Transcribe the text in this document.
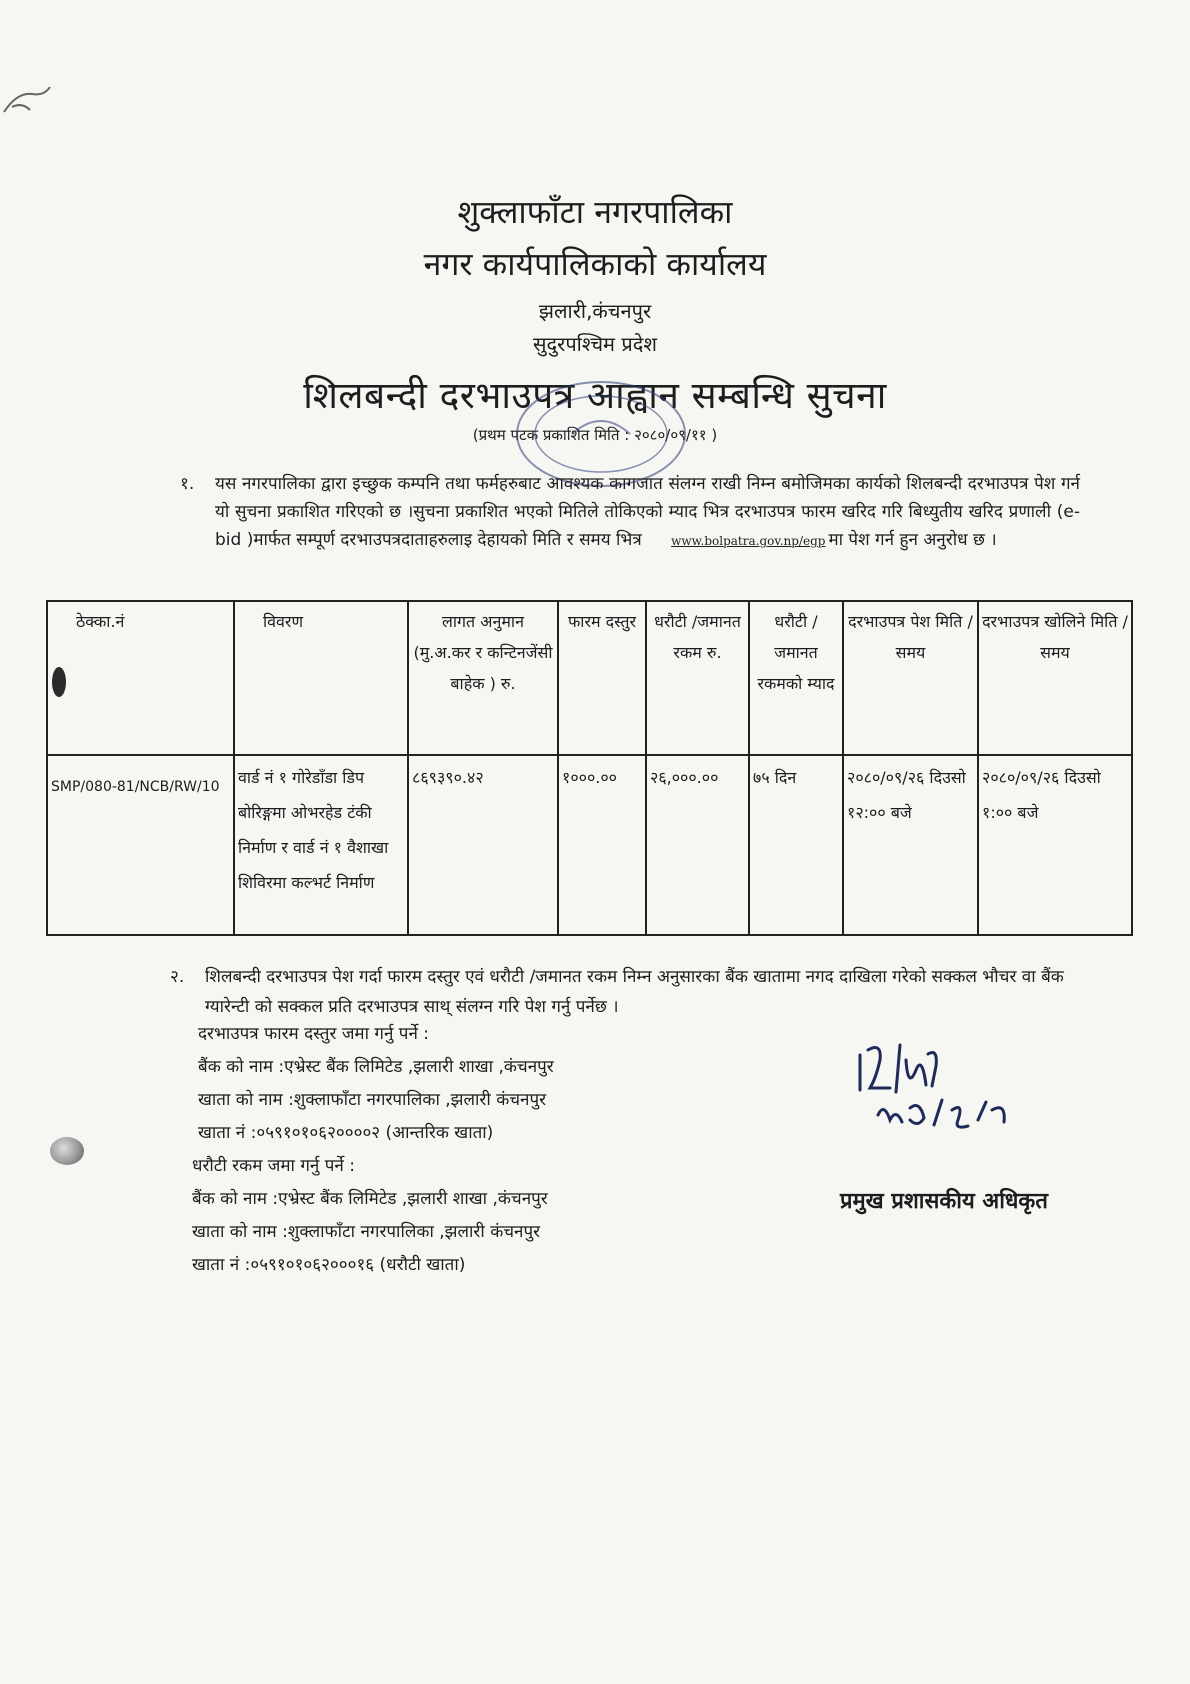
शुक्लाफाँटा नगरपालिका
नगर कार्यपालिकाको कार्यालय
झलारी,कंचनपुर
सुदुरपश्चिम प्रदेश
शिलबन्दी दरभाउपत्र आह्वान सम्बन्धि सुचना
(प्रथम पटक प्रकाशित मिति : २०८०/०९/११ )
१. यस नगरपालिका द्वारा इच्छुक कम्पनि तथा फर्महरुबाट आवश्यक कागजात संलग्न राखी निम्न बमोजिमका कार्यको शिलबन्दी दरभाउपत्र पेश गर्न यो सुचना प्रकाशित गरिएको छ ।सुचना प्रकाशित भएको मितिले तोकिएको म्याद भित्र दरभाउपत्र फारम खरिद गरि बिध्युतीय खरिद प्रणाली (e- bid )मार्फत सम्पूर्ण दरभाउपत्रदाताहरुलाइ देहायको मिति र समय भित्र www.bolpatra.gov.np/egp मा पेश गर्न हुन अनुरोध छ ।
ठेक्का.नं	विवरण	लागत अनुमान (मु.अ.कर र कन्टिनजेंसी बाहेक ) रु.	फारम दस्तुर	धरौटी /जमानत रकम रु.	धरौटी /जमानत रकमको म्याद	दरभाउपत्र पेश मिति /समय	दरभाउपत्र खोलिने मिति /समय
SMP/080-81/NCB/RW/10	वार्ड नं १ गोरेडाँडा डिप बोरिङ्गमा ओभरहेड टंकी निर्माण र वार्ड नं १ वैशाखा शिविरमा कल्भर्ट निर्माण	८६९३९०.४२	१०००.००	२६,०००.००	७५ दिन	२०८०/०९/२६ दिउसो १२:०० बजे	२०८०/०९/२६ दिउसो १:०० बजे
२. शिलबन्दी दरभाउपत्र पेश गर्दा फारम दस्तुर एवं धरौटी /जमानत रकम निम्न अनुसारका बैंक खातामा नगद दाखिला गरेको सक्कल भौचर वा बैंक ग्यारेन्टी को सक्कल प्रति दरभाउपत्र साथ् संलग्न गरि पेश गर्नु पर्नेछ ।
दरभाउपत्र फारम दस्तुर जमा गर्नु पर्ने :
बैंक को नाम :एभ्रेस्ट बैंक लिमिटेड ,झलारी शाखा ,कंचनपुर
खाता को नाम :शुक्लाफाँटा नगरपालिका ,झलारी कंचनपुर
खाता नं :०५९१०१०६२००००२ (आन्तरिक खाता)
धरौटी रकम जमा गर्नु पर्ने :
बैंक को नाम :एभ्रेस्ट बैंक लिमिटेड ,झलारी शाखा ,कंचनपुर
खाता को नाम :शुक्लाफाँटा नगरपालिका ,झलारी कंचनपुर
खाता नं :०५९१०१०६२०००१६ (धरौटी खाता)
प्रमुख प्रशासकीय अधिकृत
